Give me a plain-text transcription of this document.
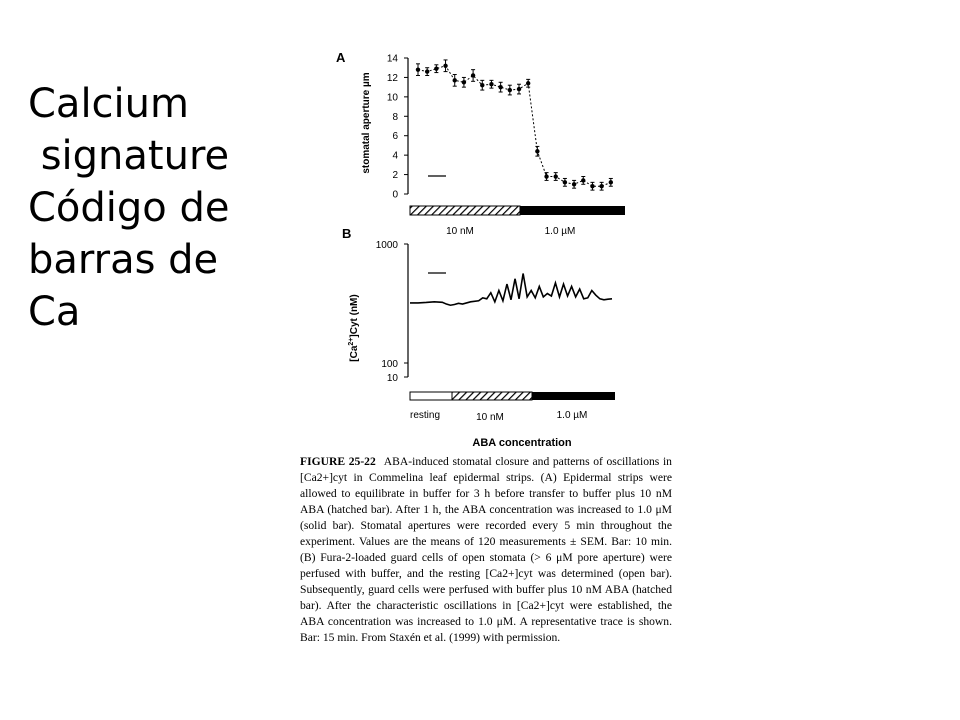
Calcium
signature
Código de
barras de
Ca
A
stomatal aperture µm
0
2
4
6
8
10
12
14
10 nM	1.0 µM
B
$[Ca^{2+}]Cyt$ (nM)
1000
100
10
resting	10 nM	1.0 µM
ABA concentration

FIGURE 25-22 ABA-induced stomatal closure and patterns of oscillations in [Ca2+]cyt in Commelina leaf epidermal strips. (A) Epidermal strips were allowed to equilibrate in buffer for 3 h before transfer to buffer plus 10 nM ABA (hatched bar). After 1 h, the ABA concentration was increased to 1.0 μM (solid bar). Stomatal apertures were recorded every 5 min throughout the experiment. Values are the means of 120 measurements ± SEM. Bar: 10 min. (B) Fura-2-loaded guard cells of open stomata (> 6 μM pore aperture) were perfused with buffer, and the resting [Ca2+]cyt was determined (open bar). Subsequently, guard cells were perfused with buffer plus 10 nM ABA (hatched bar). After the characteristic oscillations in [Ca2+]cyt were established, the ABA concentration was increased to 1.0 μM. A representative trace is shown. Bar: 15 min. From Staxén et al. (1999) with permission.
